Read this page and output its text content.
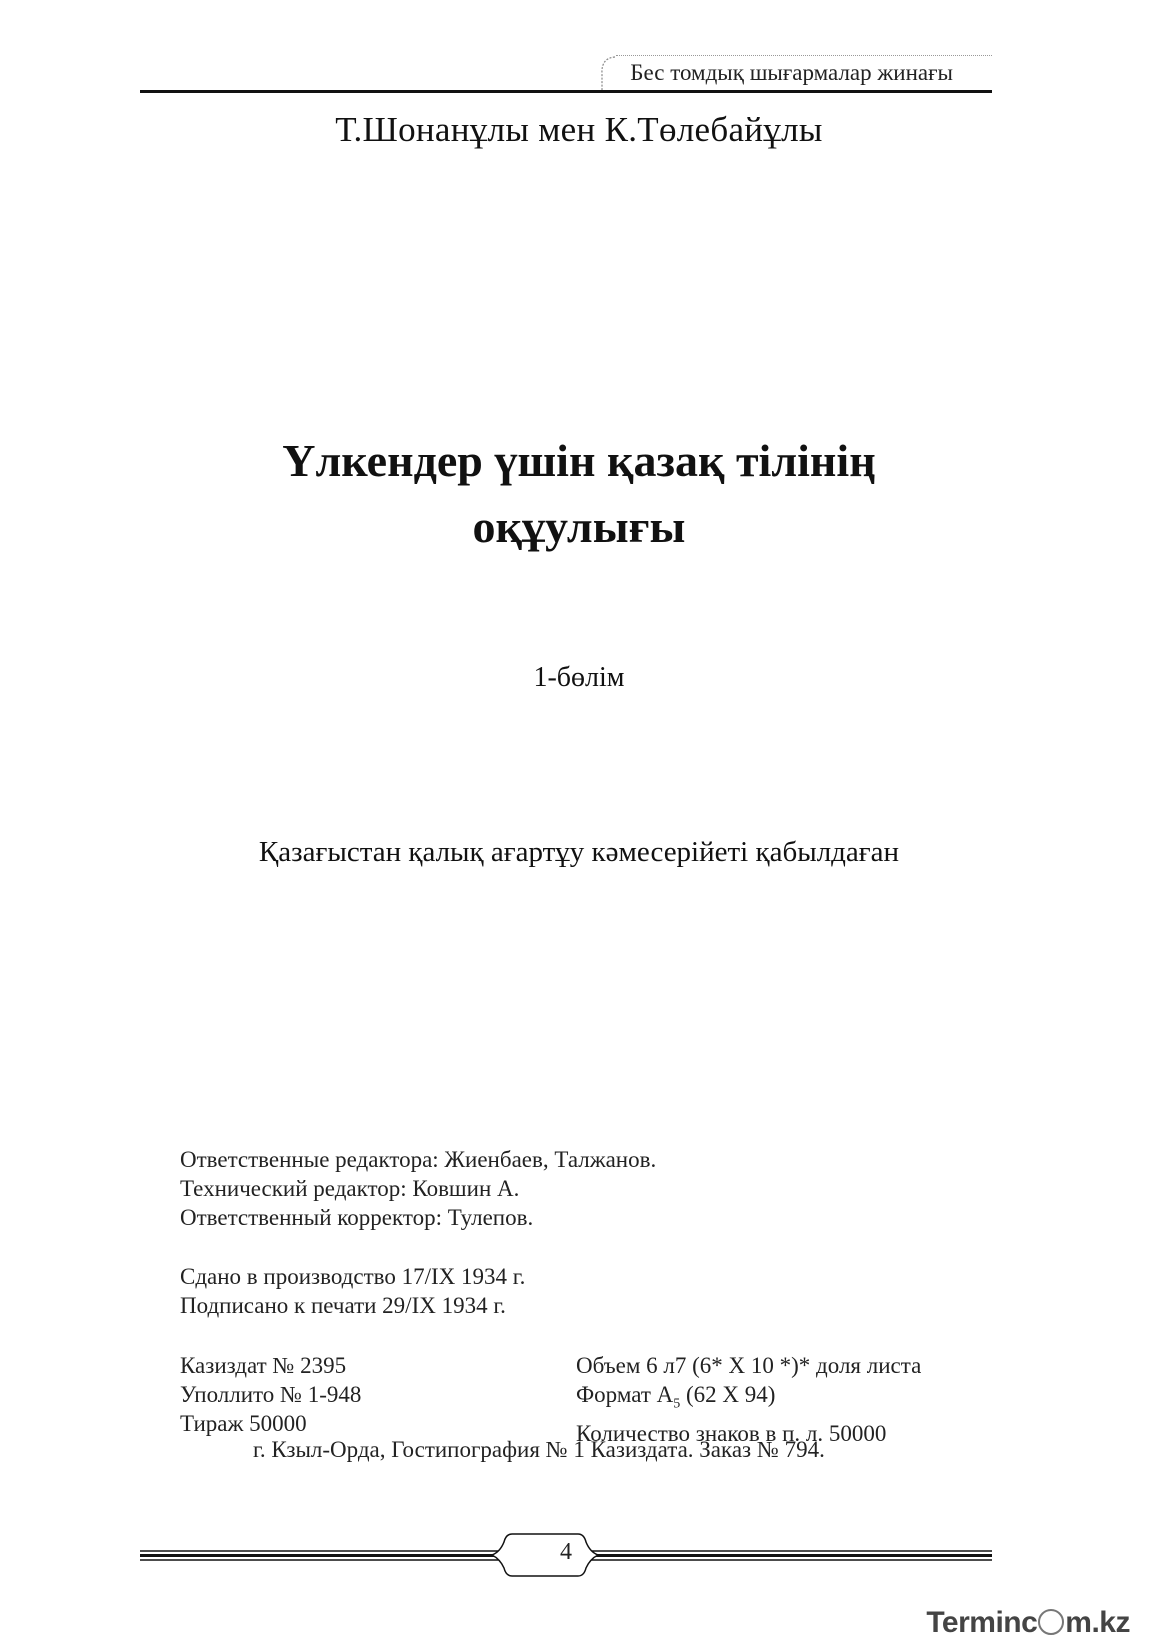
Бес томдық шығармалар жинағы
Т.Шонанұлы мен К.Төлебайұлы
Үлкендер үшін қазақ тілінің
оқұулығы
1-бөлім
Қазағыстан қалық ағартұу кәмесерійеті қабылдаған
Ответственные редактора: Жиенбаев, Талжанов.
Технический редактор: Ковшин А.
Ответственный корректор: Тулепов.
Сдано в производство 17/IX 1934 г.
Подписано к печати 29/IX 1934 г.
Казиздат № 2395
Уполлито № 1-948
Тираж 50000
Объем 6 л7 (6* Х 10 *)* доля листа
Формат $А_5$ (62 Х 94)
Количество знаков в п. л. 50000
г. Кзыл-Орда, Гостипография № 1 Казиздата. Заказ № 794.
4
Terminc m.kz
